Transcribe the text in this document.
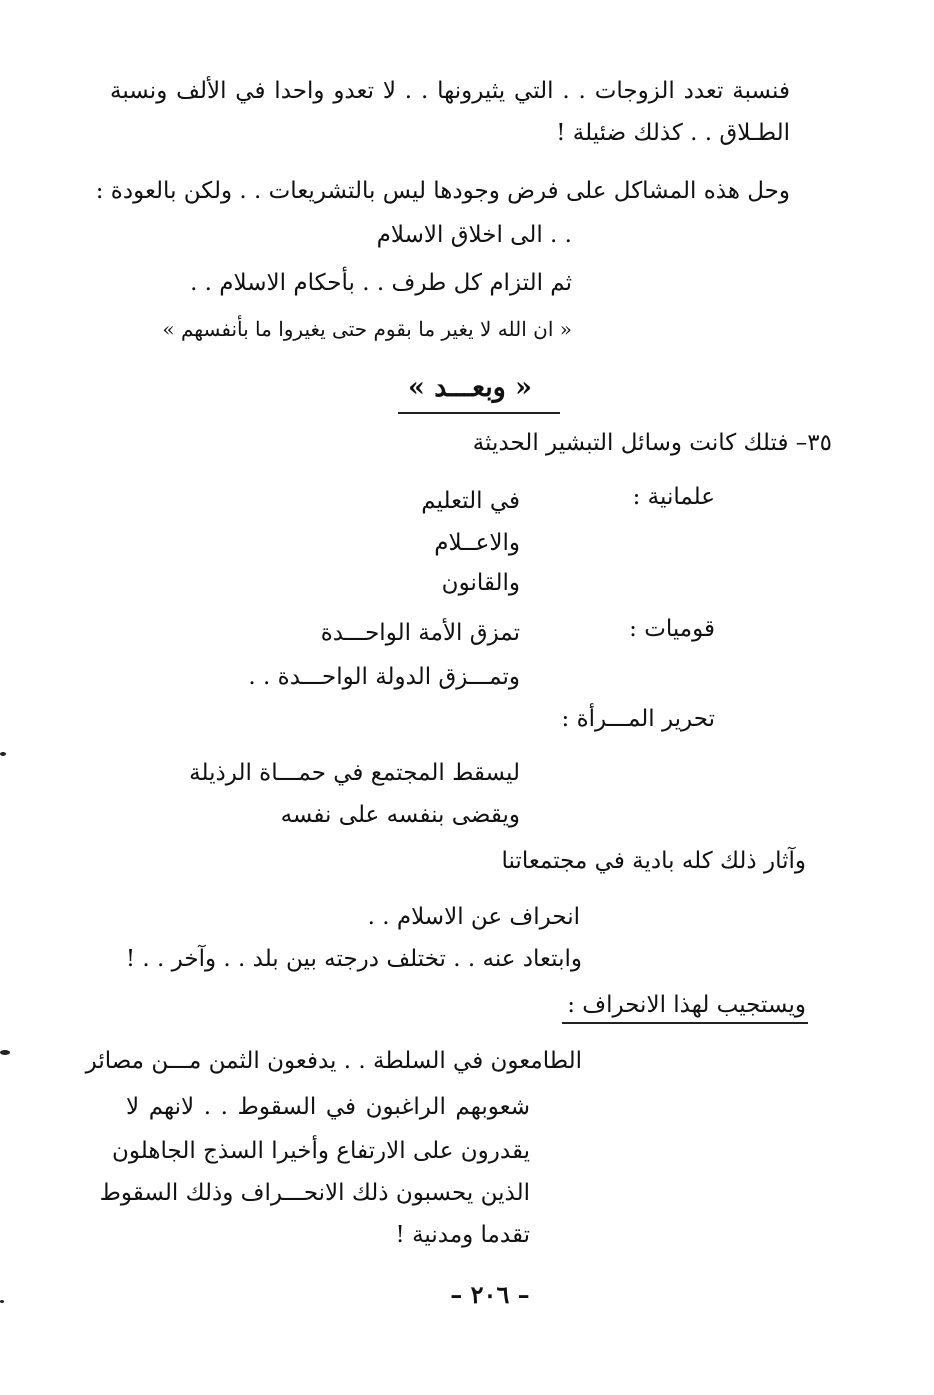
فنسبة تعدد الزوجات . . التي يثيرونها . . لا تعدو واحدا في الألف ونسبة
الطـلاق . . كذلك ضئيلة !
وحل هذه المشاكل على فرض وجودها ليس بالتشريعات . . ولكن بالعودة :
. . الى اخلاق الاسلام
ثم التزام كل طرف . . بأحكام الاسلام . .
« ان الله لا يغير ما بقوم حتى يغيروا ما بأنفسهم »
« وبعـــد »
٣٥– فتلك كانت وسائل التبشير الحديثة
علمانية :
في التعليم
والاعــلام
والقانون
قوميات :
تمزق الأمة الواحـــدة
وتمـــزق الدولة الواحـــدة . .
تحرير المـــرأة :
ليسقط المجتمع في حمـــاة الرذيلة
ويقضى بنفسه على نفسه
وآثار ذلك كله بادية في مجتمعاتنا
انحراف عن الاسلام . .
وابتعاد عنه . . تختلف درجته بين بلد . . وآخر . . !
ويستجيب لهذا الانحراف :
الطامعون في السلطة . . يدفعون الثمن مـــن مصائر
شعوبهم الراغبون في السقوط . . لانهم لا
يقدرون على الارتفاع وأخيرا السذج الجاهلون
الذين يحسبون ذلك الانحـــراف وذلك السقوط
تقدما ومدنية !
– ٢٠٦ –
